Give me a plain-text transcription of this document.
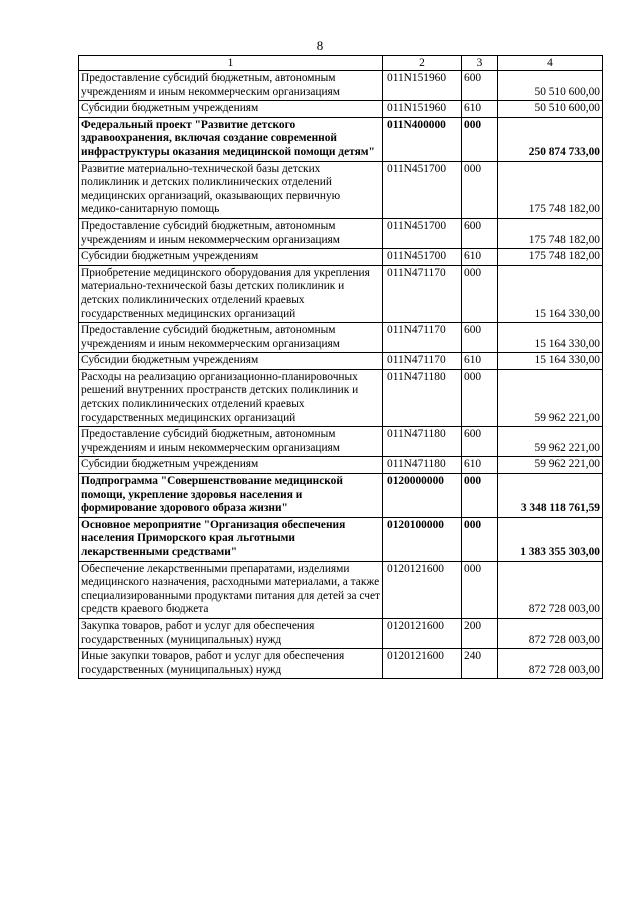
8
1	2	3	4
Предоставление субсидий бюджетным, автономным учреждениям и иным некоммерческим организациям	011N151960	600	50 510 600,00
Субсидии бюджетным учреждениям	011N151960	610	50 510 600,00
Федеральный проект "Развитие детского здравоохранения, включая создание современной инфраструктуры оказания медицинской помощи детям"	011N400000	000	250 874 733,00
Развитие материально-технической базы детских поликлиник и детских поликлинических отделений медицинских организаций, оказывающих первичную медико-санитарную помощь	011N451700	000	175 748 182,00
Предоставление субсидий бюджетным, автономным учреждениям и иным некоммерческим организациям	011N451700	600	175 748 182,00
Субсидии бюджетным учреждениям	011N451700	610	175 748 182,00
Приобретение медицинского оборудования для укрепления материально-технической базы детских поликлиник и детских поликлинических отделений краевых государственных медицинских организаций	011N471170	000	15 164 330,00
Предоставление субсидий бюджетным, автономным учреждениям и иным некоммерческим организациям	011N471170	600	15 164 330,00
Субсидии бюджетным учреждениям	011N471170	610	15 164 330,00
Расходы на реализацию организационно-планировочных решений внутренних пространств детских поликлиник и детских поликлинических отделений краевых государственных медицинских организаций	011N471180	000	59 962 221,00
Предоставление субсидий бюджетным, автономным учреждениям и иным некоммерческим организациям	011N471180	600	59 962 221,00
Субсидии бюджетным учреждениям	011N471180	610	59 962 221,00
Подпрограмма "Совершенствование медицинской помощи, укрепление здоровья населения и формирование здорового образа жизни"	0120000000	000	3 348 118 761,59
Основное мероприятие "Организация обеспечения населения Приморского края льготными лекарственными средствами"	0120100000	000	1 383 355 303,00
Обеспечение лекарственными препаратами, изделиями медицинского назначения, расходными материалами, а также специализированными продуктами питания для детей за счет средств краевого бюджета	0120121600	000	872 728 003,00
Закупка товаров, работ и услуг для обеспечения государственных (муниципальных) нужд	0120121600	200	872 728 003,00
Иные закупки товаров, работ и услуг для обеспечения государственных (муниципальных) нужд	0120121600	240	872 728 003,00
